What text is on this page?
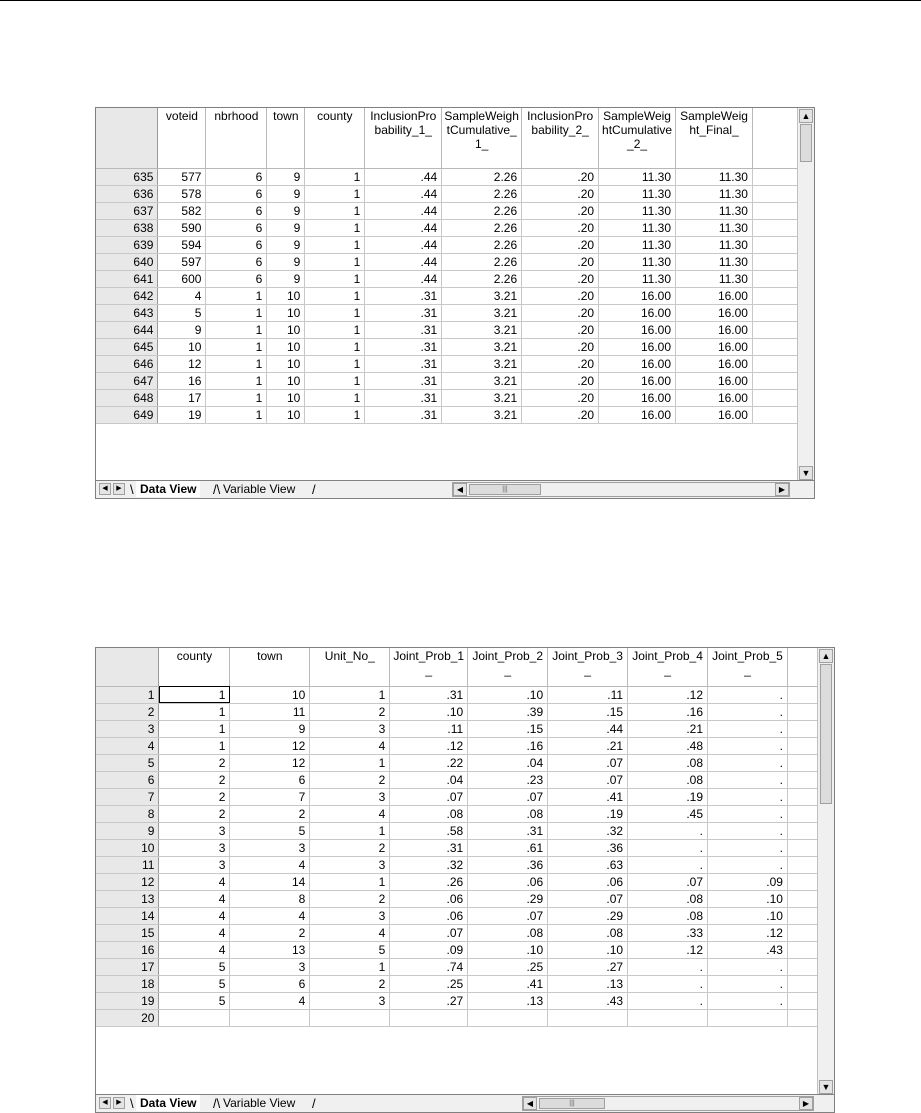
	voteid	nbrhood	town	county	InclusionProbability_1_	SampleWeightCumulative_1_	InclusionProbability_2_	SampleWeightCumulative_2_	SampleWeight_Final_	
635	577	6	9	1	.44	2.26	.20	11.30	11.30	
636	578	6	9	1	.44	2.26	.20	11.30	11.30	
637	582	6	9	1	.44	2.26	.20	11.30	11.30	
638	590	6	9	1	.44	2.26	.20	11.30	11.30	
639	594	6	9	1	.44	2.26	.20	11.30	11.30	
640	597	6	9	1	.44	2.26	.20	11.30	11.30	
641	600	6	9	1	.44	2.26	.20	11.30	11.30	
642	4	1	10	1	.31	3.21	.20	16.00	16.00	
643	5	1	10	1	.31	3.21	.20	16.00	16.00	
644	9	1	10	1	.31	3.21	.20	16.00	16.00	
645	10	1	10	1	.31	3.21	.20	16.00	16.00	
646	12	1	10	1	.31	3.21	.20	16.00	16.00	
647	16	1	10	1	.31	3.21	.20	16.00	16.00	
648	17	1	10	1	.31	3.21	.20	16.00	16.00	
649	19	1	10	1	.31	3.21	.20	16.00	16.00	
▲
▼
◀	▶ \ Data View	/\ Variable View	/	◀	|||	▶
	county	town	Unit_No_	Joint_Prob_1_	Joint_Prob_2_	Joint_Prob_3_	Joint_Prob_4_	Joint_Prob_5_	
1	1	10	1	.31	.10	.11	.12	.	
2	1	11	2	.10	.39	.15	.16	.	
3	1	9	3	.11	.15	.44	.21	.	
4	1	12	4	.12	.16	.21	.48	.	
5	2	12	1	.22	.04	.07	.08	.	
6	2	6	2	.04	.23	.07	.08	.	
7	2	7	3	.07	.07	.41	.19	.	
8	2	2	4	.08	.08	.19	.45	.	
9	3	5	1	.58	.31	.32	.	.	
10	3	3	2	.31	.61	.36	.	.	
11	3	4	3	.32	.36	.63	.	.	
12	4	14	1	.26	.06	.06	.07	.09	
13	4	8	2	.06	.29	.07	.08	.10	
14	4	4	3	.06	.07	.29	.08	.10	
15	4	2	4	.07	.08	.08	.33	.12	
16	4	13	5	.09	.10	.10	.12	.43	
17	5	3	1	.74	.25	.27	.	.	
18	5	6	2	.25	.41	.13	.	.	
19	5	4	3	.27	.13	.43	.	.	
20									
▲
▼
◀	▶ \ Data View	/\ Variable View	/	◀	|||	▶
